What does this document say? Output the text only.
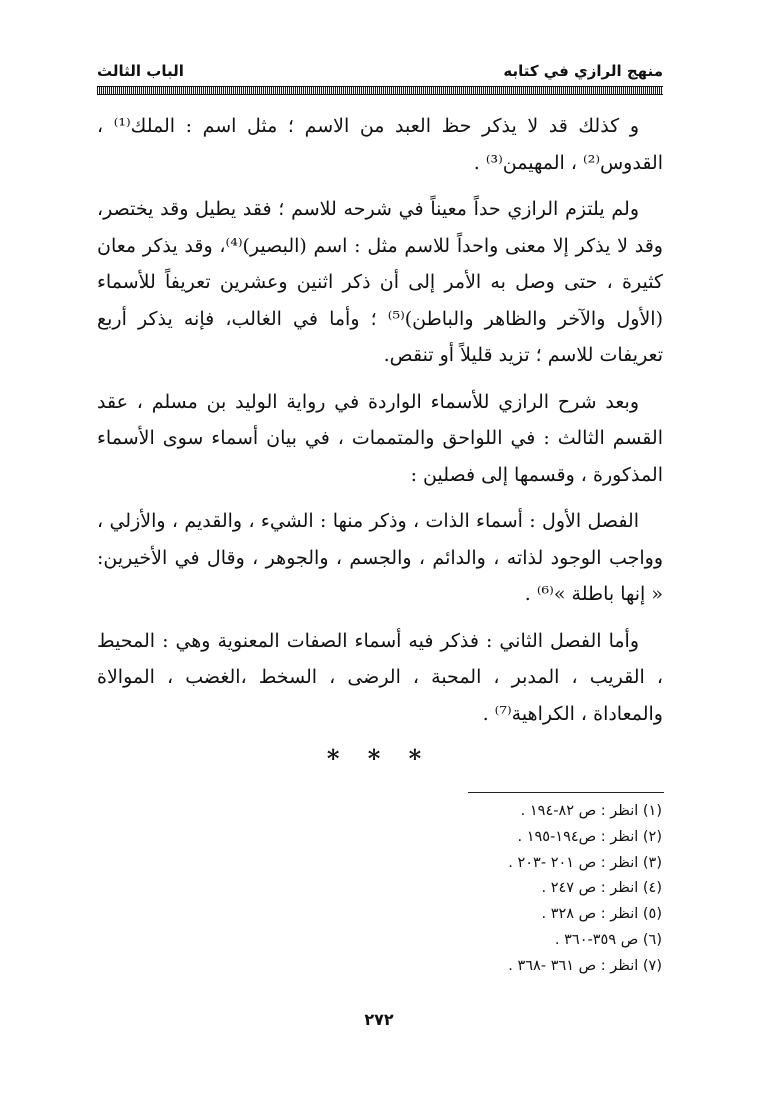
منهج الرازي في كتابه
الباب الثالث

و كذلك قد لا يذكر حظ العبد من الاسم ؛ مثل اسم : الملك⁽¹⁾ ، القدوس⁽²⁾ ، المهيمن⁽³⁾ .

ولم يلتزم الرازي حداً معيناً في شرحه للاسم ؛ فقد يطيل وقد يختصر، وقد لا يذكر إلا معنى واحداً للاسم مثل : اسم (البصير)⁽⁴⁾، وقد يذكر معان كثيرة ، حتى وصل به الأمر إلى أن ذكر اثنين وعشرين تعريفاً للأسماء (الأول والآخر والظاهر والباطن)⁽⁵⁾ ؛ وأما في الغالب، فإنه يذكر أربع تعريفات للاسم ؛ تزيد قليلاً أو تنقص.

وبعد شرح الرازي للأسماء الواردة في رواية الوليد بن مسلم ، عقد القسم الثالث : في اللواحق والمتممات ، في بيان أسماء سوى الأسماء المذكورة ، وقسمها إلى فصلين :

الفصل الأول : أسماء الذات ، وذكر منها : الشيء ، والقديم ، والأزلي ، وواجب الوجود لذاته ، والدائم ، والجسم ، والجوهر ، وقال في الأخيرين: « إنها باطلة »⁽⁶⁾ .

وأما الفصل الثاني : فذكر فيه أسماء الصفات المعنوية وهي : المحيط ، القريب ، المدبر ، المحبة ، الرضى ، السخط ،الغضب ، الموالاة والمعاداة ، الكراهية⁽⁷⁾ .

* * *
(١) انظر : ص ٨٢-١٩٤ .
(٢) انظر : ص١٩٤-١٩٥ .
(٣) انظر : ص ٢٠١ -٢٠٣ .
(٤) انظر : ص ٢٤٧ .
(٥) انظر : ص ٣٢٨ .
(٦) ص ٣٥٩-٣٦٠ .
(٧) انظر : ص ٣٦١ -٣٦٨ .
٢٧٢
